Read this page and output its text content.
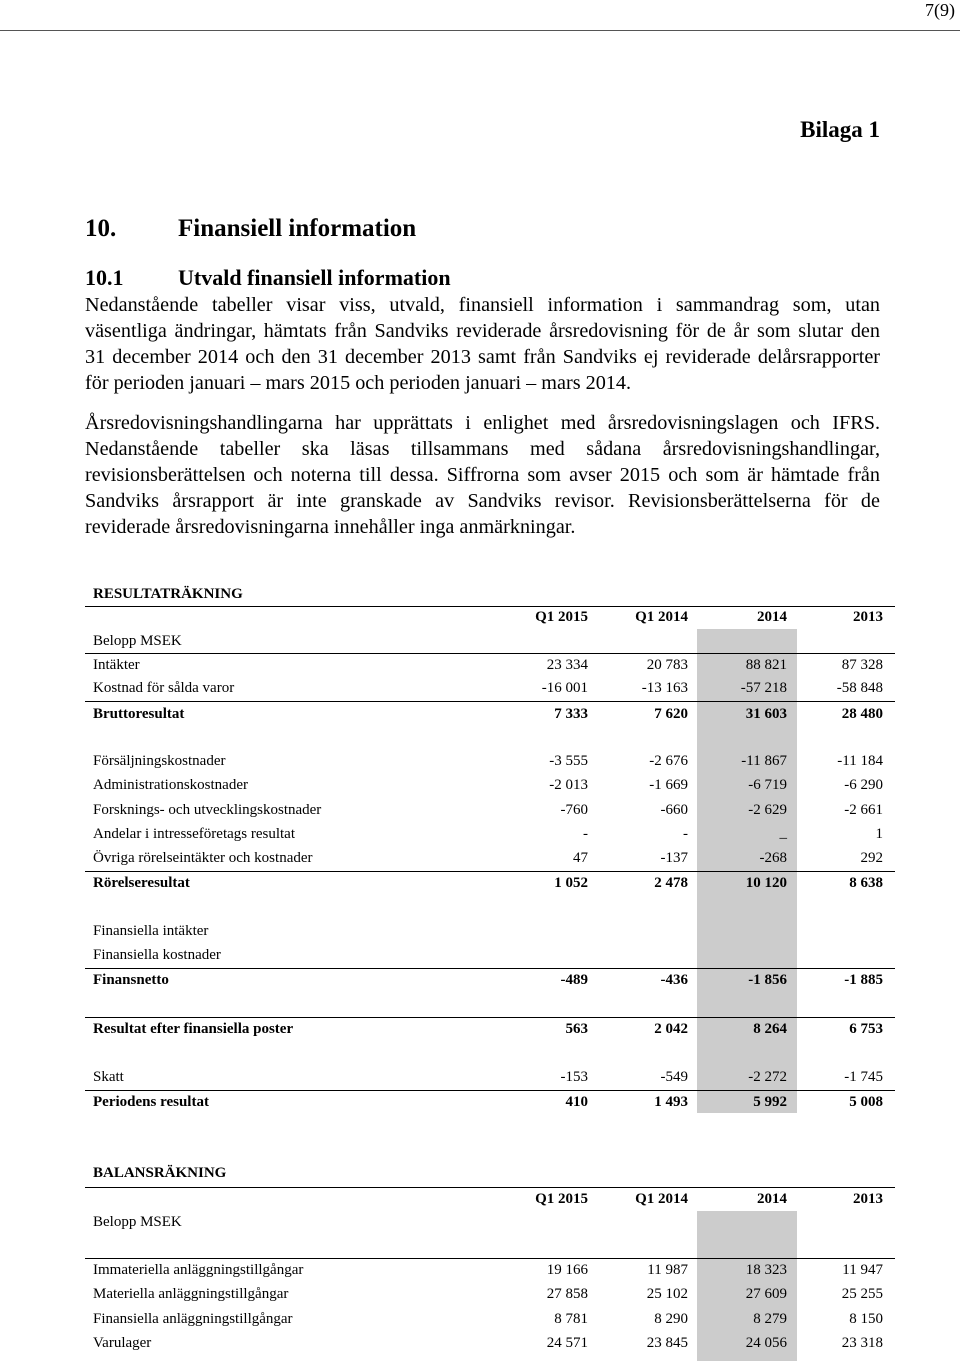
7(9)
Bilaga 1
10. Finansiell information
10.1 Utvald finansiell information
Nedanstående tabeller visar viss, utvald, finansiell information i sammandrag som, utan
väsentliga ändringar, hämtats från Sandviks reviderade årsredovisning för de år som slutar den
31 december 2014 och den 31 december 2013 samt från Sandviks ej reviderade delårsrapporter
för perioden januari – mars 2015 och perioden januari – mars 2014.
Årsredovisningshandlingarna har upprättats i enlighet med årsredovisningslagen och IFRS.
Nedanstående tabeller ska läsas tillsammans med sådana årsredovisningshandlingar,
revisionsberättelsen och noterna till dessa. Siffrorna som avser 2015 och som är hämtade från
Sandviks årsrapport är inte granskade av Sandviks revisor. Revisionsberättelserna för de
reviderade årsredovisningarna innehåller inga anmärkningar.
RESULTATRÄKNING
Q1 2015	Q1 2014	2014	2013
Belopp MSEK
Intäkter	23 334	20 783	88 821	87 328
Kostnad för sålda varor	-16 001	-13 163	-57 218	-58 848
Bruttoresultat	7 333	7 620	31 603	28 480
Försäljningskostnader	-3 555	-2 676	-11 867	-11 184
Administrationskostnader	-2 013	-1 669	-6 719	-6 290
Forsknings- och utvecklingskostnader	-760	-660	-2 629	-2 661
Andelar i intresseföretags resultat	-	-	–	1
Övriga rörelseintäkter och kostnader	47	-137	-268	292
Rörelseresultat	1 052	2 478	10 120	8 638
Finansiella intäkter
Finansiella kostnader
Finansnetto	-489	-436	-1 856	-1 885
Resultat efter finansiella poster	563	2 042	8 264	6 753
Skatt	-153	-549	-2 272	-1 745
Periodens resultat	410	1 493	5 992	5 008
BALANSRÄKNING
Q1 2015	Q1 2014	2014	2013
Belopp MSEK
Immateriella anläggningstillgångar	19 166	11 987	18 323	11 947
Materiella anläggningstillgångar	27 858	25 102	27 609	25 255
Finansiella anläggningstillgångar	8 781	8 290	8 279	8 150
Varulager	24 571	23 845	24 056	23 318
